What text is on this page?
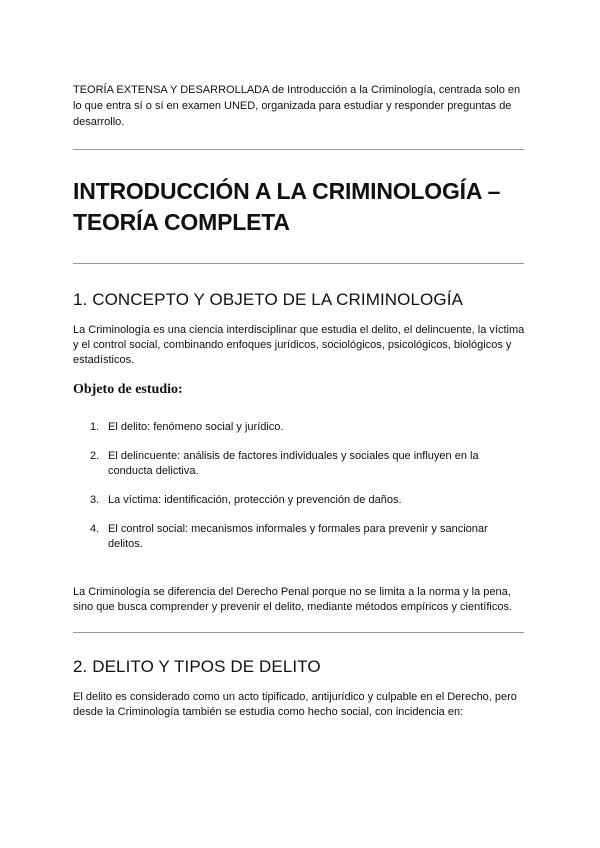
TEORÍA EXTENSA Y DESARROLLADA de Introducción a la Criminología, centrada solo en lo que entra sí o sí en examen UNED, organizada para estudiar y responder preguntas de desarrollo.

INTRODUCCIÓN A LA CRIMINOLOGÍA – TEORÍA COMPLETA
1. CONCEPTO Y OBJETO DE LA CRIMINOLOGÍA

La Criminología es una ciencia interdisciplinar que estudia el delito, el delincuente, la víctima y el control social, combinando enfoques jurídicos, sociológicos, psicológicos, biológicos y estadísticos.

Objeto de estudio:
1. El delito: fenómeno social y jurídico.
2. El delincuente: análisis de factores individuales y sociales que influyen en la conducta delictiva.
3. La víctima: identificación, protección y prevención de daños.
4. El control social: mecanismos informales y formales para prevenir y sancionar delitos.

La Criminología se diferencia del Derecho Penal porque no se limita a la norma y la pena, sino que busca comprender y prevenir el delito, mediante métodos empíricos y científicos.

2. DELITO Y TIPOS DE DELITO

El delito es considerado como un acto tipificado, antijurídico y culpable en el Derecho, pero desde la Criminología también se estudia como hecho social, con incidencia en:
